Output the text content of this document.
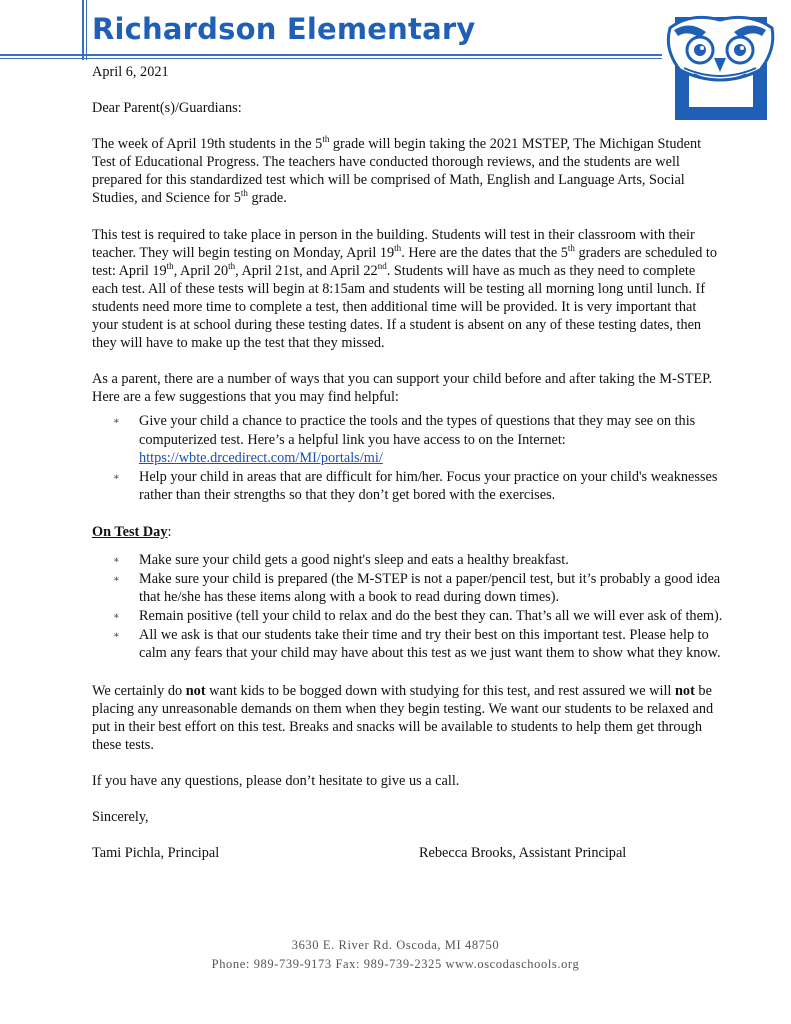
Richardson Elementary

April 6, 2021

Dear Parent(s)/Guardians:

The week of April 19th students in the 5th grade will begin taking the 2021 MSTEP, The Michigan Student Test of Educational Progress. The teachers have conducted thorough reviews, and the students are well prepared for this standardized test which will be comprised of Math, English and Language Arts, Social Studies, and Science for 5th grade.

This test is required to take place in person in the building. Students will test in their classroom with their teacher. They will begin testing on Monday, April 19th. Here are the dates that the 5th graders are scheduled to test: April 19th, April 20th, April 21st, and April 22nd. Students will have as much as they need to complete each test. All of these tests will begin at 8:15am and students will be testing all morning long until lunch. If students need more time to complete a test, then additional time will be provided. It is very important that your student is at school during these testing dates. If a student is absent on any of these testing dates, then they will have to make up the test that they missed.

As a parent, there are a number of ways that you can support your child before and after taking the M-STEP. Here are a few suggestions that you may find helpful:

∗ Give your child a chance to practice the tools and the types of questions that they may see on this computerized test. Here’s a helpful link you have access to on the Internet:
https://wbte.drcedirect.com/MI/portals/mi/
∗ Help your child in areas that are difficult for him/her. Focus your practice on your child's weaknesses rather than their strengths so that they don’t get bored with the exercises.

On Test Day:

∗ Make sure your child gets a good night's sleep and eats a healthy breakfast.
∗ Make sure your child is prepared (the M-STEP is not a paper/pencil test, but it’s probably a good idea that he/she has these items along with a book to read during down times).
∗ Remain positive (tell your child to relax and do the best they can. That’s all we will ever ask of them).
∗ All we ask is that our students take their time and try their best on this important test. Please help to calm any fears that your child may have about this test as we just want them to show what they know.

We certainly do not want kids to be bogged down with studying for this test, and rest assured we will not be placing any unreasonable demands on them when they begin testing. We want our students to be relaxed and put in their best effort on this test. Breaks and snacks will be available to students to help them get through these tests.

If you have any questions, please don’t hesitate to give us a call.

Sincerely,

Tami Pichla, Principal	Rebecca Brooks, Assistant Principal
3630 E. River Rd. Oscoda, MI 48750
Phone: 989-739-9173 Fax: 989-739-2325 www.oscodaschools.org
